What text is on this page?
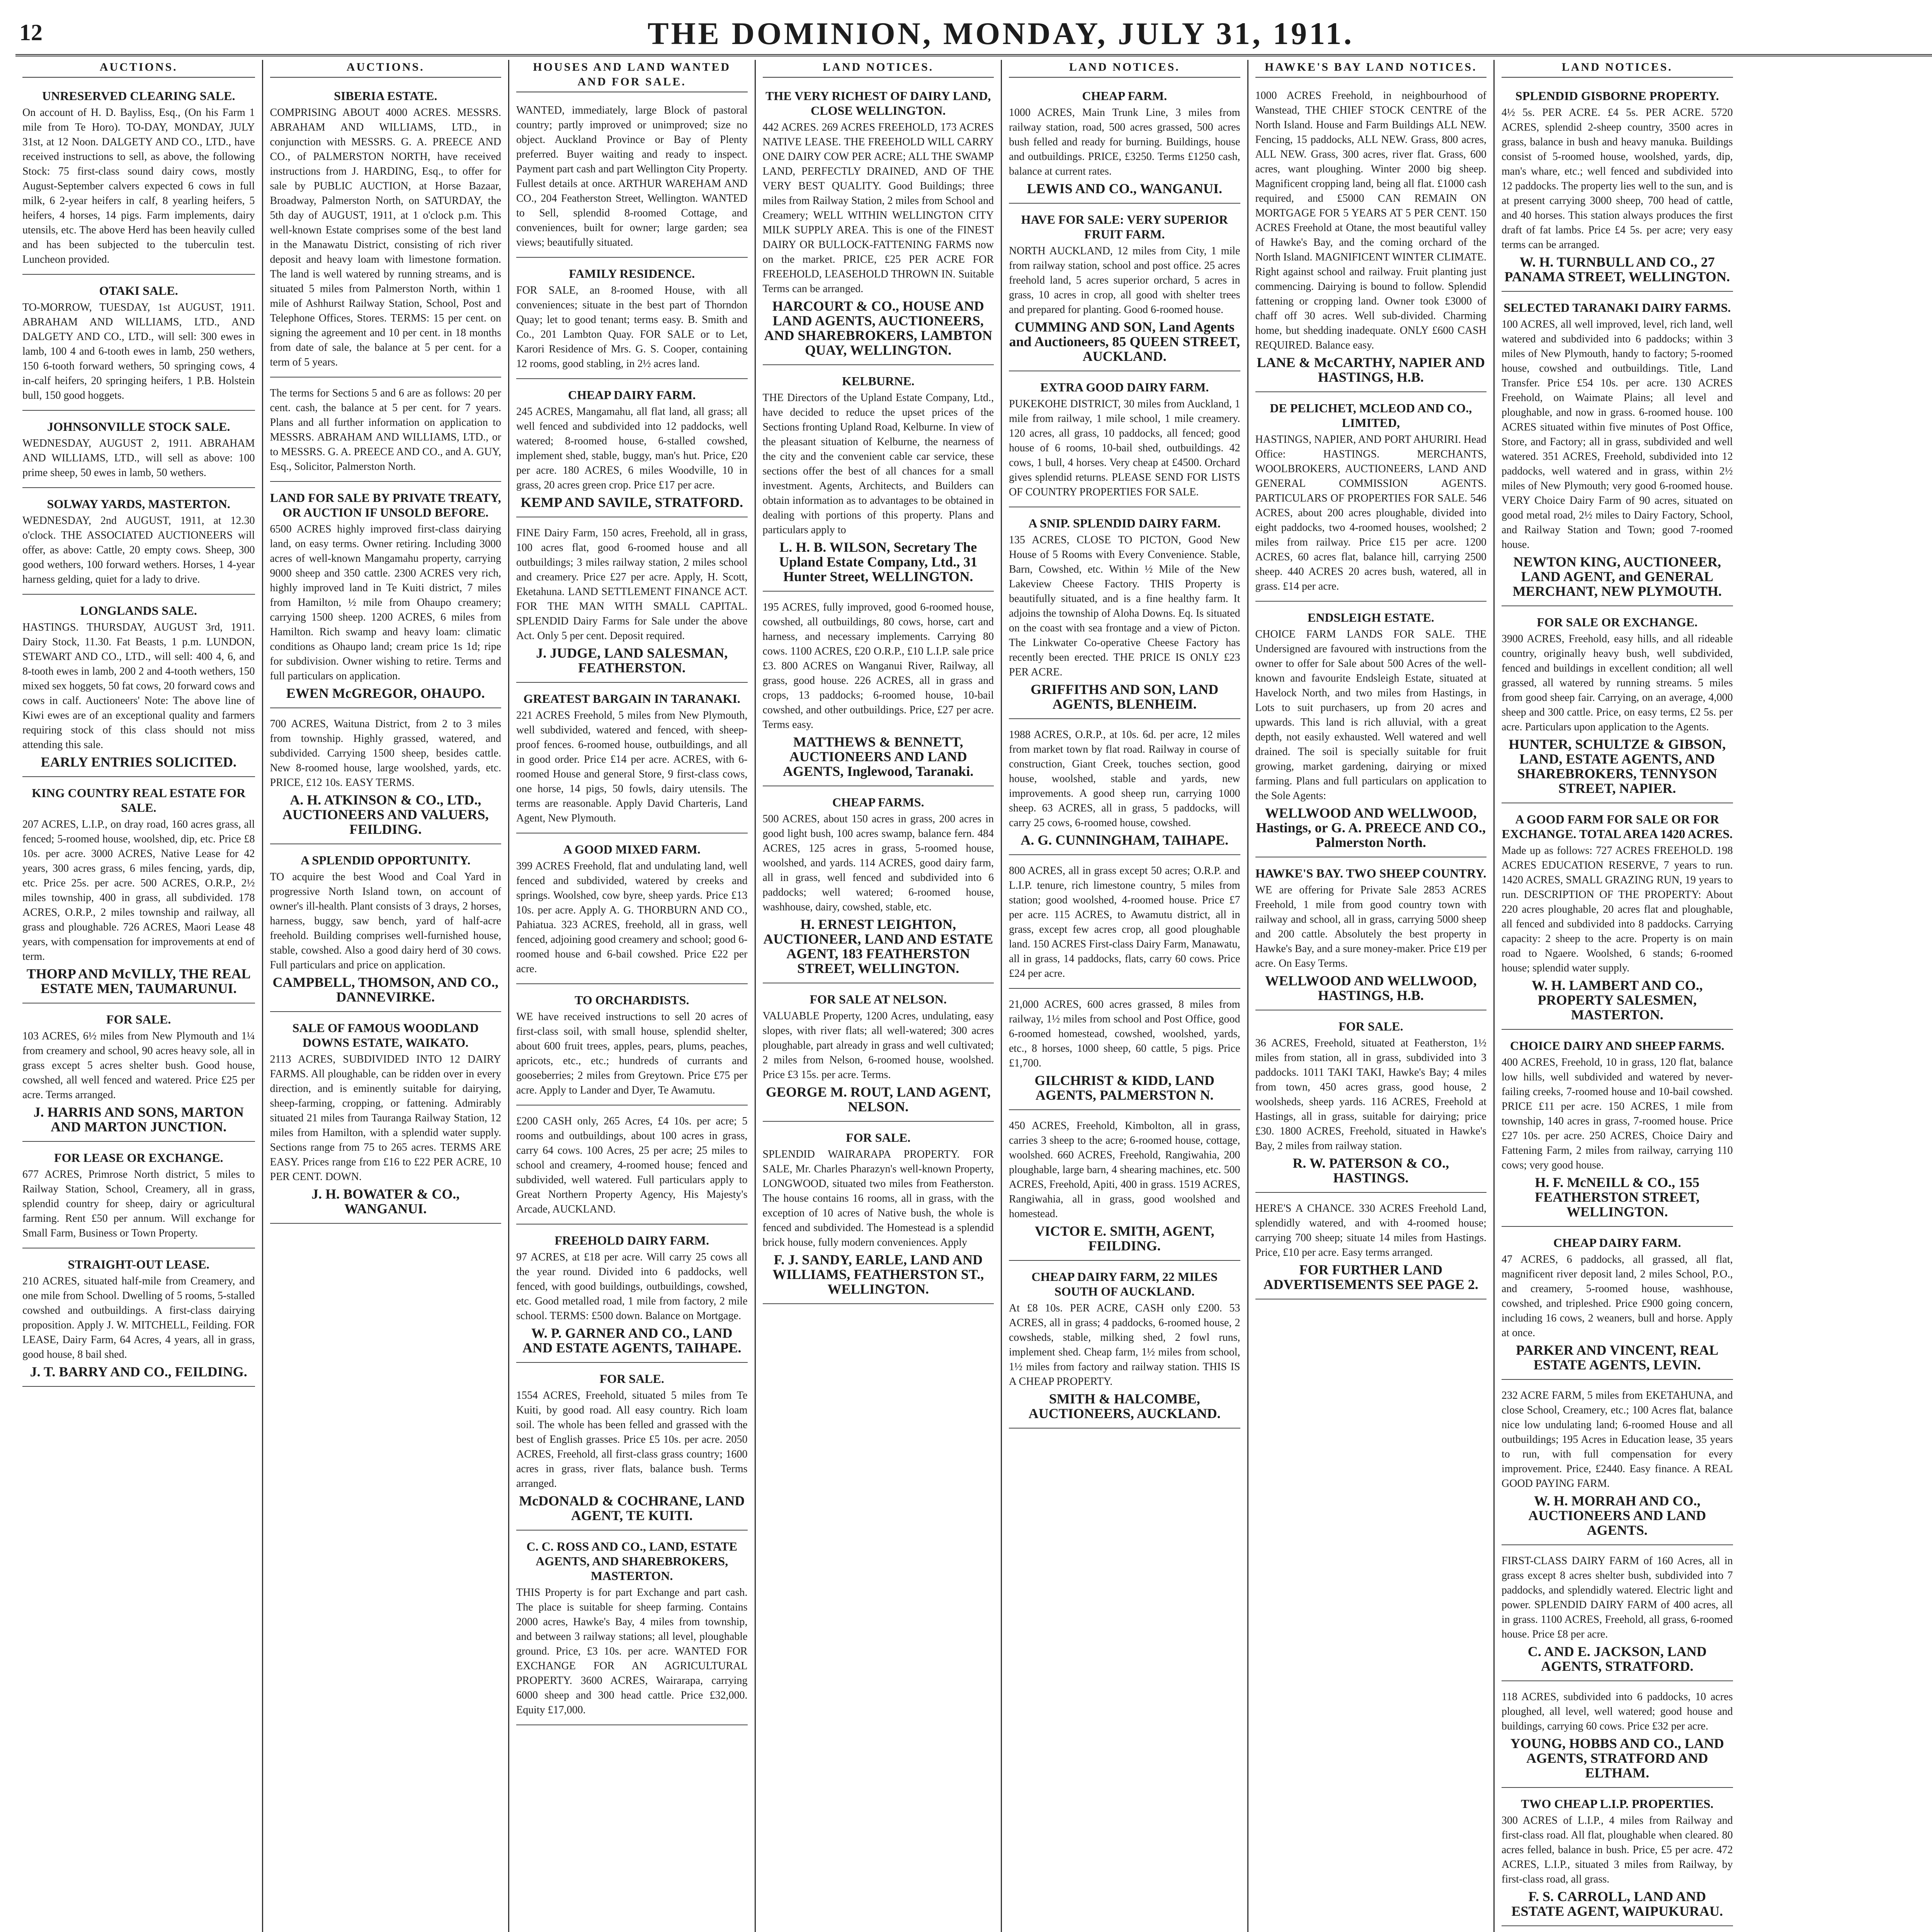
12	THE DOMINION, MONDAY, JULY 31, 1911.
AUCTIONS.
UNRESERVED CLEARING SALE.
On account of H. D. Bayliss, Esq., (On his Farm 1 mile from Te Horo). TO-DAY, MONDAY, JULY 31st, at 12 Noon. DALGETY AND CO., LTD., have received instructions to sell, as above, the following Stock: 75 first-class sound dairy cows, mostly August-September calvers expected 6 cows in full milk, 6 2-year heifers in calf, 8 yearling heifers, 5 heifers, 4 horses, 14 pigs. Farm implements, dairy utensils, etc. The above Herd has been heavily culled and has been subjected to the tuberculin test. Luncheon provided.
OTAKI SALE.
TO-MORROW, TUESDAY, 1st AUGUST, 1911. ABRAHAM AND WILLIAMS, LTD., AND DALGETY AND CO., LTD., will sell: 300 ewes in lamb, 100 4 and 6-tooth ewes in lamb, 250 wethers, 150 6-tooth forward wethers, 50 springing cows, 4 in-calf heifers, 20 springing heifers, 1 P.B. Holstein bull, 150 good hoggets.
JOHNSONVILLE STOCK SALE.
WEDNESDAY, AUGUST 2, 1911. ABRAHAM AND WILLIAMS, LTD., will sell as above: 100 prime sheep, 50 ewes in lamb, 50 wethers.
SOLWAY YARDS, MASTERTON.
WEDNESDAY, 2nd AUGUST, 1911, at 12.30 o'clock. THE ASSOCIATED AUCTIONEERS will offer, as above: Cattle, 20 empty cows. Sheep, 300 good wethers, 100 forward wethers. Horses, 1 4-year harness gelding, quiet for a lady to drive.
LONGLANDS SALE.
HASTINGS. THURSDAY, AUGUST 3rd, 1911. Dairy Stock, 11.30. Fat Beasts, 1 p.m. LUNDON, STEWART AND CO., LTD., will sell: 400 4, 6, and 8-tooth ewes in lamb, 200 2 and 4-tooth wethers, 150 mixed sex hoggets, 50 fat cows, 20 forward cows and cows in calf. Auctioneers' Note: The above line of Kiwi ewes are of an exceptional quality and farmers requiring stock of this class should not miss attending this sale.
EARLY ENTRIES SOLICITED.
KING COUNTRY REAL ESTATE FOR SALE.
207 ACRES, L.I.P., on dray road, 160 acres grass, all fenced; 5-roomed house, woolshed, dip, etc. Price £8 10s. per acre. 3000 ACRES, Native Lease for 42 years, 300 acres grass, 6 miles fencing, yards, dip, etc. Price 25s. per acre. 500 ACRES, O.R.P., 2½ miles township, 400 in grass, all subdivided. 178 ACRES, O.R.P., 2 miles township and railway, all grass and ploughable. 726 ACRES, Maori Lease 48 years, with compensation for improvements at end of term.
THORP AND McVILLY, THE REAL ESTATE MEN, TAUMARUNUI.
FOR SALE.
103 ACRES, 6½ miles from New Plymouth and 1¼ from creamery and school, 90 acres heavy sole, all in grass except 5 acres shelter bush. Good house, cowshed, all well fenced and watered. Price £25 per acre. Terms arranged.
J. HARRIS AND SONS, MARTON AND MARTON JUNCTION.
FOR LEASE OR EXCHANGE.
677 ACRES, Primrose North district, 5 miles to Railway Station, School, Creamery, all in grass, splendid country for sheep, dairy or agricultural farming. Rent £50 per annum. Will exchange for Small Farm, Business or Town Property.
STRAIGHT-OUT LEASE.
210 ACRES, situated half-mile from Creamery, and one mile from School. Dwelling of 5 rooms, 5-stalled cowshed and outbuildings. A first-class dairying proposition. Apply J. W. MITCHELL, Feilding. FOR LEASE, Dairy Farm, 64 Acres, 4 years, all in grass, good house, 8 bail shed.
J. T. BARRY AND CO., FEILDING.
AUCTIONS.
SIBERIA ESTATE.
COMPRISING ABOUT 4000 ACRES. MESSRS. ABRAHAM AND WILLIAMS, LTD., in conjunction with MESSRS. G. A. PREECE AND CO., of PALMERSTON NORTH, have received instructions from J. HARDING, Esq., to offer for sale by PUBLIC AUCTION, at Horse Bazaar, Broadway, Palmerston North, on SATURDAY, the 5th day of AUGUST, 1911, at 1 o'clock p.m. This well-known Estate comprises some of the best land in the Manawatu District, consisting of rich river deposit and heavy loam with limestone formation. The land is well watered by running streams, and is situated 5 miles from Palmerston North, within 1 mile of Ashhurst Railway Station, School, Post and Telephone Offices, Stores. TERMS: 15 per cent. on signing the agreement and 10 per cent. in 18 months from date of sale, the balance at 5 per cent. for a term of 5 years.
The terms for Sections 5 and 6 are as follows: 20 per cent. cash, the balance at 5 per cent. for 7 years. Plans and all further information on application to MESSRS. ABRAHAM AND WILLIAMS, LTD., or to MESSRS. G. A. PREECE AND CO., and A. GUY, Esq., Solicitor, Palmerston North.
LAND FOR SALE BY PRIVATE TREATY, OR AUCTION IF UNSOLD BEFORE.
6500 ACRES highly improved first-class dairying land, on easy terms. Owner retiring. Including 3000 acres of well-known Mangamahu property, carrying 9000 sheep and 350 cattle. 2300 ACRES very rich, highly improved land in Te Kuiti district, 7 miles from Hamilton, ½ mile from Ohaupo creamery; carrying 1500 sheep. 1200 ACRES, 6 miles from Hamilton. Rich swamp and heavy loam: climatic conditions as Ohaupo land; cream price 1s 1d; ripe for subdivision. Owner wishing to retire. Terms and full particulars on application.
EWEN McGREGOR, OHAUPO.
700 ACRES, Waituna District, from 2 to 3 miles from township. Highly grassed, watered, and subdivided. Carrying 1500 sheep, besides cattle. New 8-roomed house, large woolshed, yards, etc. PRICE, £12 10s. EASY TERMS.
A. H. ATKINSON & CO., LTD., AUCTIONEERS AND VALUERS, FEILDING.
A SPLENDID OPPORTUNITY.
TO acquire the best Wood and Coal Yard in progressive North Island town, on account of owner's ill-health. Plant consists of 3 drays, 2 horses, harness, buggy, saw bench, yard of half-acre freehold. Building comprises well-furnished house, stable, cowshed. Also a good dairy herd of 30 cows. Full particulars and price on application.
CAMPBELL, THOMSON, AND CO., DANNEVIRKE.
SALE OF FAMOUS WOODLAND DOWNS ESTATE, WAIKATO.
2113 ACRES, SUBDIVIDED INTO 12 DAIRY FARMS. All ploughable, can be ridden over in every direction, and is eminently suitable for dairying, sheep-farming, cropping, or fattening. Admirably situated 21 miles from Tauranga Railway Station, 12 miles from Hamilton, with a splendid water supply. Sections range from 75 to 265 acres. TERMS ARE EASY. Prices range from £16 to £22 PER ACRE, 10 PER CENT. DOWN.
J. H. BOWATER & CO., WANGANUI.
HOUSES AND LAND WANTED AND FOR SALE.
WANTED, immediately, large Block of pastoral country; partly improved or unimproved; size no object. Auckland Province or Bay of Plenty preferred. Buyer waiting and ready to inspect. Payment part cash and part Wellington City Property. Fullest details at once. ARTHUR WAREHAM AND CO., 204 Featherston Street, Wellington. WANTED to Sell, splendid 8-roomed Cottage, and conveniences, built for owner; large garden; sea views; beautifully situated.
FAMILY RESIDENCE.
FOR SALE, an 8-roomed House, with all conveniences; situate in the best part of Thorndon Quay; let to good tenant; terms easy. B. Smith and Co., 201 Lambton Quay. FOR SALE or to Let, Karori Residence of Mrs. G. S. Cooper, containing 12 rooms, good stabling, in 2½ acres land.
CHEAP DAIRY FARM.
245 ACRES, Mangamahu, all flat land, all grass; all well fenced and subdivided into 12 paddocks, well watered; 8-roomed house, 6-stalled cowshed, implement shed, stable, buggy, man's hut. Price, £20 per acre. 180 ACRES, 6 miles Woodville, 10 in grass, 20 acres green crop. Price £17 per acre.
KEMP AND SAVILE, STRATFORD.
FINE Dairy Farm, 150 acres, Freehold, all in grass, 100 acres flat, good 6-roomed house and all outbuildings; 3 miles railway station, 2 miles school and creamery. Price £27 per acre. Apply, H. Scott, Eketahuna. LAND SETTLEMENT FINANCE ACT. FOR THE MAN WITH SMALL CAPITAL. SPLENDID Dairy Farms for Sale under the above Act. Only 5 per cent. Deposit required.
J. JUDGE, LAND SALESMAN, FEATHERSTON.
GREATEST BARGAIN IN TARANAKI.
221 ACRES Freehold, 5 miles from New Plymouth, well subdivided, watered and fenced, with sheep-proof fences. 6-roomed house, outbuildings, and all in good order. Price £14 per acre. ACRES, with 6-roomed House and general Store, 9 first-class cows, one horse, 14 pigs, 50 fowls, dairy utensils. The terms are reasonable. Apply David Charteris, Land Agent, New Plymouth.
A GOOD MIXED FARM.
399 ACRES Freehold, flat and undulating land, well fenced and subdivided, watered by creeks and springs. Woolshed, cow byre, sheep yards. Price £13 10s. per acre. Apply A. G. THORBURN AND CO., Pahiatua. 323 ACRES, freehold, all in grass, well fenced, adjoining good creamery and school; good 6-roomed house and 6-bail cowshed. Price £22 per acre.
TO ORCHARDISTS.
WE have received instructions to sell 20 acres of first-class soil, with small house, splendid shelter, about 600 fruit trees, apples, pears, plums, peaches, apricots, etc., etc.; hundreds of currants and gooseberries; 2 miles from Greytown. Price £75 per acre. Apply to Lander and Dyer, Te Awamutu.
£200 CASH only, 265 Acres, £4 10s. per acre; 5 rooms and outbuildings, about 100 acres in grass, carry 64 cows. 100 Acres, 25 per acre; 25 miles to school and creamery, 4-roomed house; fenced and subdivided, well watered. Full particulars apply to Great Northern Property Agency, His Majesty's Arcade, AUCKLAND.
FREEHOLD DAIRY FARM.
97 ACRES, at £18 per acre. Will carry 25 cows all the year round. Divided into 6 paddocks, well fenced, with good buildings, outbuildings, cowshed, etc. Good metalled road, 1 mile from factory, 2 mile school. TERMS: £500 down. Balance on Mortgage.
W. P. GARNER AND CO., LAND AND ESTATE AGENTS, TAIHAPE.
FOR SALE.
1554 ACRES, Freehold, situated 5 miles from Te Kuiti, by good road. All easy country. Rich loam soil. The whole has been felled and grassed with the best of English grasses. Price £5 10s. per acre. 2050 ACRES, Freehold, all first-class grass country; 1600 acres in grass, river flats, balance bush. Terms arranged.
McDONALD & COCHRANE, LAND AGENT, TE KUITI.
C. C. ROSS AND CO., LAND, ESTATE AGENTS, AND SHAREBROKERS, MASTERTON.
THIS Property is for part Exchange and part cash. The place is suitable for sheep farming. Contains 2000 acres, Hawke's Bay, 4 miles from township, and between 3 railway stations; all level, ploughable ground. Price, £3 10s. per acre. WANTED FOR EXCHANGE FOR AN AGRICULTURAL PROPERTY. 3600 ACRES, Wairarapa, carrying 6000 sheep and 300 head cattle. Price £32,000. Equity £17,000.
LAND NOTICES.
THE VERY RICHEST OF DAIRY LAND, CLOSE WELLINGTON.
442 ACRES. 269 ACRES FREEHOLD, 173 ACRES NATIVE LEASE. THE FREEHOLD WILL CARRY ONE DAIRY COW PER ACRE; ALL THE SWAMP LAND, PERFECTLY DRAINED, AND OF THE VERY BEST QUALITY. Good Buildings; three miles from Railway Station, 2 miles from School and Creamery; WELL WITHIN WELLINGTON CITY MILK SUPPLY AREA. This is one of the FINEST DAIRY OR BULLOCK-FATTENING FARMS now on the market. PRICE, £25 PER ACRE FOR FREEHOLD, LEASEHOLD THROWN IN. Suitable Terms can be arranged.
HARCOURT & CO., HOUSE AND LAND AGENTS, AUCTIONEERS, AND SHAREBROKERS, LAMBTON QUAY, WELLINGTON.
KELBURNE.
THE Directors of the Upland Estate Company, Ltd., have decided to reduce the upset prices of the Sections fronting Upland Road, Kelburne. In view of the pleasant situation of Kelburne, the nearness of the city and the convenient cable car service, these sections offer the best of all chances for a small investment. Agents, Architects, and Builders can obtain information as to advantages to be obtained in dealing with portions of this property. Plans and particulars apply to
L. H. B. WILSON, Secretary The Upland Estate Company, Ltd., 31 Hunter Street, WELLINGTON.
195 ACRES, fully improved, good 6-roomed house, cowshed, all outbuildings, 80 cows, horse, cart and harness, and necessary implements. Carrying 80 cows. 1100 ACRES, £20 O.R.P., £10 L.I.P. sale price £3. 800 ACRES on Wanganui River, Railway, all grass, good house. 226 ACRES, all in grass and crops, 13 paddocks; 6-roomed house, 10-bail cowshed, and other outbuildings. Price, £27 per acre. Terms easy.
MATTHEWS & BENNETT, AUCTIONEERS AND LAND AGENTS, Inglewood, Taranaki.
CHEAP FARMS.
500 ACRES, about 150 acres in grass, 200 acres in good light bush, 100 acres swamp, balance fern. 484 ACRES, 125 acres in grass, 5-roomed house, woolshed, and yards. 114 ACRES, good dairy farm, all in grass, well fenced and subdivided into 6 paddocks; well watered; 6-roomed house, washhouse, dairy, cowshed, stable, etc.
H. ERNEST LEIGHTON, AUCTIONEER, LAND AND ESTATE AGENT, 183 FEATHERSTON STREET, WELLINGTON.
FOR SALE AT NELSON.
VALUABLE Property, 1200 Acres, undulating, easy slopes, with river flats; all well-watered; 300 acres ploughable, part already in grass and well cultivated; 2 miles from Nelson, 6-roomed house, woolshed. Price £3 15s. per acre. Terms.
GEORGE M. ROUT, LAND AGENT, NELSON.
FOR SALE.
SPLENDID WAIRARAPA PROPERTY. FOR SALE, Mr. Charles Pharazyn's well-known Property, LONGWOOD, situated two miles from Featherston. The house contains 16 rooms, all in grass, with the exception of 10 acres of Native bush, the whole is fenced and subdivided. The Homestead is a splendid brick house, fully modern conveniences. Apply
F. J. SANDY, EARLE, LAND AND WILLIAMS, FEATHERSTON ST., WELLINGTON.
LAND NOTICES.
CHEAP FARM.
1000 ACRES, Main Trunk Line, 3 miles from railway station, road, 500 acres grassed, 500 acres bush felled and ready for burning. Buildings, house and outbuildings. PRICE, £3250. Terms £1250 cash, balance at current rates.
LEWIS AND CO., WANGANUI.
HAVE FOR SALE: VERY SUPERIOR FRUIT FARM.
NORTH AUCKLAND, 12 miles from City, 1 mile from railway station, school and post office. 25 acres freehold land, 5 acres superior orchard, 5 acres in grass, 10 acres in crop, all good with shelter trees and prepared for planting. Good 6-roomed house.
CUMMING AND SON, Land Agents and Auctioneers, 85 QUEEN STREET, AUCKLAND.
EXTRA GOOD DAIRY FARM.
PUKEKOHE DISTRICT, 30 miles from Auckland, 1 mile from railway, 1 mile school, 1 mile creamery. 120 acres, all grass, 10 paddocks, all fenced; good house of 6 rooms, 10-bail shed, outbuildings. 42 cows, 1 bull, 4 horses. Very cheap at £4500. Orchard gives splendid returns. PLEASE SEND FOR LISTS OF COUNTRY PROPERTIES FOR SALE.
A SNIP. SPLENDID DAIRY FARM.
135 ACRES, CLOSE TO PICTON, Good New House of 5 Rooms with Every Convenience. Stable, Barn, Cowshed, etc. Within ½ Mile of the New Lakeview Cheese Factory. THIS Property is beautifully situated, and is a fine healthy farm. It adjoins the township of Aloha Downs. Eq. Is situated on the coast with sea frontage and a view of Picton. The Linkwater Co-operative Cheese Factory has recently been erected. THE PRICE IS ONLY £23 PER ACRE.
GRIFFITHS AND SON, LAND AGENTS, BLENHEIM.
1988 ACRES, O.R.P., at 10s. 6d. per acre, 12 miles from market town by flat road. Railway in course of construction, Giant Creek, touches section, good house, woolshed, stable and yards, new improvements. A good sheep run, carrying 1000 sheep. 63 ACRES, all in grass, 5 paddocks, will carry 25 cows, 6-roomed house, cowshed.
A. G. CUNNINGHAM, TAIHAPE.
800 ACRES, all in grass except 50 acres; O.R.P. and L.I.P. tenure, rich limestone country, 5 miles from station; good woolshed, 4-roomed house. Price £7 per acre. 115 ACRES, to Awamutu district, all in grass, except few acres crop, all good ploughable land. 150 ACRES First-class Dairy Farm, Manawatu, all in grass, 14 paddocks, flats, carry 60 cows. Price £24 per acre.
21,000 ACRES, 600 acres grassed, 8 miles from railway, 1½ miles from school and Post Office, good 6-roomed homestead, cowshed, woolshed, yards, etc., 8 horses, 1000 sheep, 60 cattle, 5 pigs. Price £1,700.
GILCHRIST & KIDD, LAND AGENTS, PALMERSTON N.
450 ACRES, Freehold, Kimbolton, all in grass, carries 3 sheep to the acre; 6-roomed house, cottage, woolshed. 660 ACRES, Freehold, Rangiwahia, 200 ploughable, large barn, 4 shearing machines, etc. 500 ACRES, Freehold, Apiti, 400 in grass. 1519 ACRES, Rangiwahia, all in grass, good woolshed and homestead.
VICTOR E. SMITH, AGENT, FEILDING.
CHEAP DAIRY FARM, 22 MILES SOUTH OF AUCKLAND.
At £8 10s. PER ACRE, CASH only £200. 53 ACRES, all in grass; 4 paddocks, 6-roomed house, 2 cowsheds, stable, milking shed, 2 fowl runs, implement shed. Cheap farm, 1½ miles from school, 1½ miles from factory and railway station. THIS IS A CHEAP PROPERTY.
SMITH & HALCOMBE, AUCTIONEERS, AUCKLAND.
HAWKE'S BAY LAND NOTICES.
1000 ACRES Freehold, in neighbourhood of Wanstead, THE CHIEF STOCK CENTRE of the North Island. House and Farm Buildings ALL NEW. Fencing, 15 paddocks, ALL NEW. Grass, 800 acres, ALL NEW. Grass, 300 acres, river flat. Grass, 600 acres, want ploughing. Winter 2000 big sheep. Magnificent cropping land, being all flat. £1000 cash required, and £5000 CAN REMAIN ON MORTGAGE FOR 5 YEARS AT 5 PER CENT. 150 ACRES Freehold at Otane, the most beautiful valley of Hawke's Bay, and the coming orchard of the North Island. MAGNIFICENT WINTER CLIMATE. Right against school and railway. Fruit planting just commencing. Dairying is bound to follow. Splendid fattening or cropping land. Owner took £3000 of chaff off 30 acres. Well sub-divided. Charming home, but shedding inadequate. ONLY £600 CASH REQUIRED. Balance easy.
LANE & McCARTHY, NAPIER AND HASTINGS, H.B.
DE PELICHET, MCLEOD AND CO., LIMITED,
HASTINGS, NAPIER, AND PORT AHURIRI. Head Office: HASTINGS. MERCHANTS, WOOLBROKERS, AUCTIONEERS, LAND AND GENERAL COMMISSION AGENTS. PARTICULARS OF PROPERTIES FOR SALE. 546 ACRES, about 200 acres ploughable, divided into eight paddocks, two 4-roomed houses, woolshed; 2 miles from railway. Price £15 per acre. 1200 ACRES, 60 acres flat, balance hill, carrying 2500 sheep. 440 ACRES 20 acres bush, watered, all in grass. £14 per acre.
ENDSLEIGH ESTATE.
CHOICE FARM LANDS FOR SALE. THE Undersigned are favoured with instructions from the owner to offer for Sale about 500 Acres of the well-known and favourite Endsleigh Estate, situated at Havelock North, and two miles from Hastings, in Lots to suit purchasers, up from 20 acres and upwards. This land is rich alluvial, with a great depth, not easily exhausted. Well watered and well drained. The soil is specially suitable for fruit growing, market gardening, dairying or mixed farming. Plans and full particulars on application to the Sole Agents:
WELLWOOD AND WELLWOOD, Hastings, or G. A. PREECE AND CO., Palmerston North.
HAWKE'S BAY. TWO SHEEP COUNTRY.
WE are offering for Private Sale 2853 ACRES Freehold, 1 mile from good country town with railway and school, all in grass, carrying 5000 sheep and 200 cattle. Absolutely the best property in Hawke's Bay, and a sure money-maker. Price £19 per acre. On Easy Terms.
WELLWOOD AND WELLWOOD, HASTINGS, H.B.
FOR SALE.
36 ACRES, Freehold, situated at Featherston, 1½ miles from station, all in grass, subdivided into 3 paddocks. 1011 TAKI TAKI, Hawke's Bay; 4 miles from town, 450 acres grass, good house, 2 woolsheds, sheep yards. 116 ACRES, Freehold at Hastings, all in grass, suitable for dairying; price £30. 1800 ACRES, Freehold, situated in Hawke's Bay, 2 miles from railway station.
R. W. PATERSON & CO., HASTINGS.
HERE'S A CHANCE. 330 ACRES Freehold Land, splendidly watered, and with 4-roomed house; carrying 700 sheep; situate 14 miles from Hastings. Price, £10 per acre. Easy terms arranged.
FOR FURTHER LAND ADVERTISEMENTS SEE PAGE 2.
LAND NOTICES.
SPLENDID GISBORNE PROPERTY.
4½ 5s. PER ACRE. £4 5s. PER ACRE. 5720 ACRES, splendid 2-sheep country, 3500 acres in grass, balance in bush and heavy manuka. Buildings consist of 5-roomed house, woolshed, yards, dip, man's whare, etc.; well fenced and subdivided into 12 paddocks. The property lies well to the sun, and is at present carrying 3000 sheep, 700 head of cattle, and 40 horses. This station always produces the first draft of fat lambs. Price £4 5s. per acre; very easy terms can be arranged.
W. H. TURNBULL AND CO., 27 PANAMA STREET, WELLINGTON.
SELECTED TARANAKI DAIRY FARMS.
100 ACRES, all well improved, level, rich land, well watered and subdivided into 6 paddocks; within 3 miles of New Plymouth, handy to factory; 5-roomed house, cowshed and outbuildings. Title, Land Transfer. Price £54 10s. per acre. 130 ACRES Freehold, on Waimate Plains; all level and ploughable, and now in grass. 6-roomed house. 100 ACRES situated within five minutes of Post Office, Store, and Factory; all in grass, subdivided and well watered. 351 ACRES, Freehold, subdivided into 12 paddocks, well watered and in grass, within 2½ miles of New Plymouth; very good 6-roomed house. VERY Choice Dairy Farm of 90 acres, situated on good metal road, 2½ miles to Dairy Factory, School, and Railway Station and Town; good 7-roomed house.
NEWTON KING, AUCTIONEER, LAND AGENT, and GENERAL MERCHANT, NEW PLYMOUTH.
FOR SALE OR EXCHANGE.
3900 ACRES, Freehold, easy hills, and all rideable country, originally heavy bush, well subdivided, fenced and buildings in excellent condition; all well grassed, all watered by running streams. 5 miles from good sheep fair. Carrying, on an average, 4,000 sheep and 300 cattle. Price, on easy terms, £2 5s. per acre. Particulars upon application to the Agents.
HUNTER, SCHULTZE & GIBSON, LAND, ESTATE AGENTS, AND SHAREBROKERS, TENNYSON STREET, NAPIER.
A GOOD FARM FOR SALE OR FOR EXCHANGE. TOTAL AREA 1420 ACRES.
Made up as follows: 727 ACRES FREEHOLD. 198 ACRES EDUCATION RESERVE, 7 years to run. 1420 ACRES, SMALL GRAZING RUN, 19 years to run. DESCRIPTION OF THE PROPERTY: About 220 acres ploughable, 20 acres flat and ploughable, all fenced and subdivided into 8 paddocks. Carrying capacity: 2 sheep to the acre. Property is on main road to Ngaere. Woolshed, 6 stands; 6-roomed house; splendid water supply.
W. H. LAMBERT AND CO., PROPERTY SALESMEN, MASTERTON.
CHOICE DAIRY AND SHEEP FARMS.
400 ACRES, Freehold, 10 in grass, 120 flat, balance low hills, well subdivided and watered by never-failing creeks, 7-roomed house and 10-bail cowshed. PRICE £11 per acre. 150 ACRES, 1 mile from township, 140 acres in grass, 7-roomed house. Price £27 10s. per acre. 250 ACRES, Choice Dairy and Fattening Farm, 2 miles from railway, carrying 110 cows; very good house.
H. F. McNEILL & CO., 155 FEATHERSTON STREET, WELLINGTON.
CHEAP DAIRY FARM.
47 ACRES, 6 paddocks, all grassed, all flat, magnificent river deposit land, 2 miles School, P.O., and creamery, 5-roomed house, washhouse, cowshed, and tripleshed. Price £900 going concern, including 16 cows, 2 weaners, bull and horse. Apply at once.
PARKER AND VINCENT, REAL ESTATE AGENTS, LEVIN.
232 ACRE FARM, 5 miles from EKETAHUNA, and close School, Creamery, etc.; 100 Acres flat, balance nice low undulating land; 6-roomed House and all outbuildings; 195 Acres in Education lease, 35 years to run, with full compensation for every improvement. Price, £2440. Easy finance. A REAL GOOD PAYING FARM.
W. H. MORRAH AND CO., AUCTIONEERS AND LAND AGENTS.
FIRST-CLASS DAIRY FARM of 160 Acres, all in grass except 8 acres shelter bush, subdivided into 7 paddocks, and splendidly watered. Electric light and power. SPLENDID DAIRY FARM of 400 acres, all in grass. 1100 ACRES, Freehold, all grass, 6-roomed house. Price £8 per acre.
C. AND E. JACKSON, LAND AGENTS, STRATFORD.
118 ACRES, subdivided into 6 paddocks, 10 acres ploughed, all level, well watered; good house and buildings, carrying 60 cows. Price £32 per acre.
YOUNG, HOBBS AND CO., LAND AGENTS, STRATFORD AND ELTHAM.
TWO CHEAP L.I.P. PROPERTIES.
300 ACRES of L.I.P., 4 miles from Railway and first-class road. All flat, ploughable when cleared. 80 acres felled, balance in bush. Price, £5 per acre. 472 ACRES, L.I.P., situated 3 miles from Railway, by first-class road, all grass.
F. S. CARROLL, LAND AND ESTATE AGENT, WAIPUKURAU.
